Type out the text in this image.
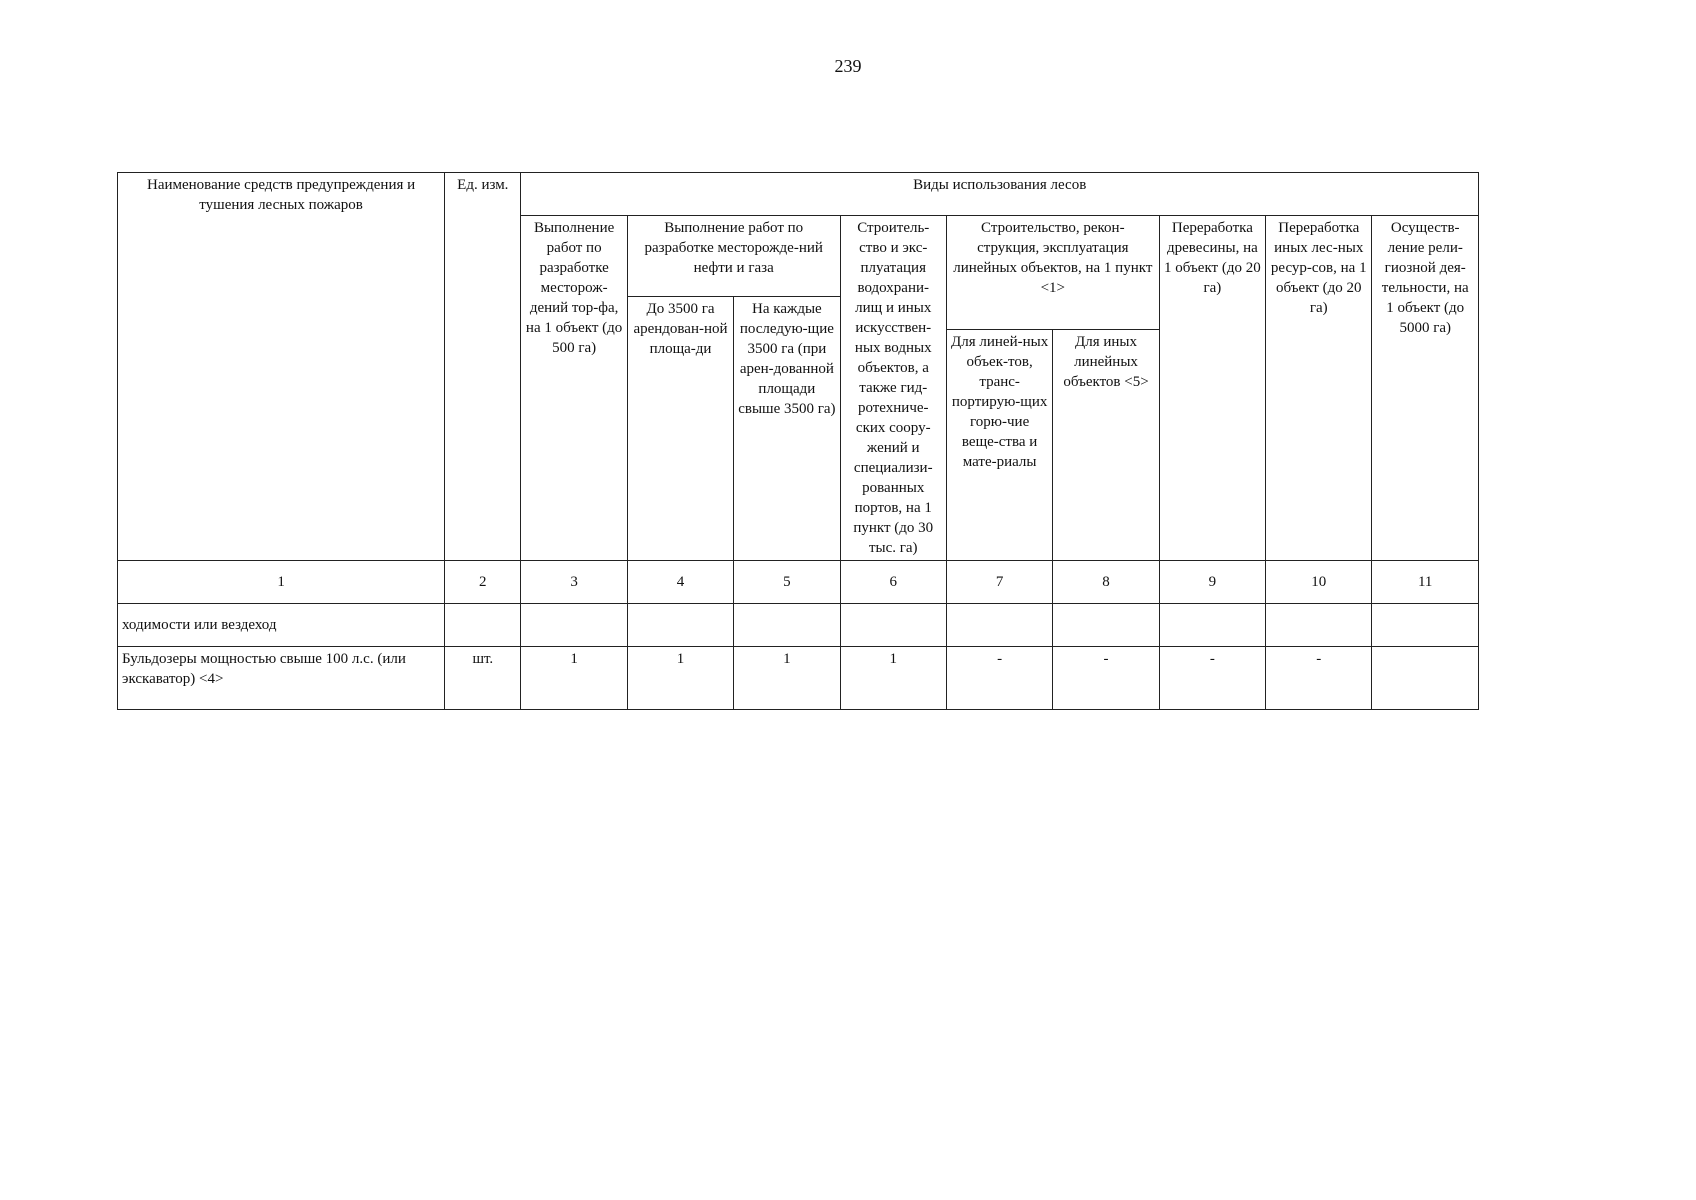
239
Наименование средств предупреждения и тушения лесных пожаров	Ед. изм.	Виды использования лесов								
		Выполнение работ по разработке месторож-дений тор-фа, на 1 объект (до 500 га)	Выполнение работ по разработке месторожде-ний нефти и газа		Строитель-ство и экс-плуатация водохрани-лищ и иных искусствен-ных водных объектов, а также гид-ротехниче-ских соору-жений и специализи-рованных портов, на 1 пункт (до 30 тыс. га)	Строительство, рекон-струкция, эксплуатация линейных объектов, на 1 пункт <1>		Переработка древесины, на 1 объект (до 20 га)	Переработка иных лес-ных ресур-сов, на 1 объект (до 20 га)	Осуществ-ление рели-гиозной дея-тельности, на 1 объект (до 5000 га)
			До 3500 га арендован-ной площа-ди	На каждые последую-щие 3500 га (при арен-дованной площади свыше 3500 га)						
						Для линей-ных объек-тов, транс-портирую-щих горю-чие веще-ства и мате-риалы	Для иных линейных объектов <5>			
1	2	3	4	5	6	7	8	9	10	11
ходимости или вездеход										
Бульдозеры мощностью свыше 100 л.с. (или экскаватор) <4>	шт.	1	1	1	1	-	-	-	-	
